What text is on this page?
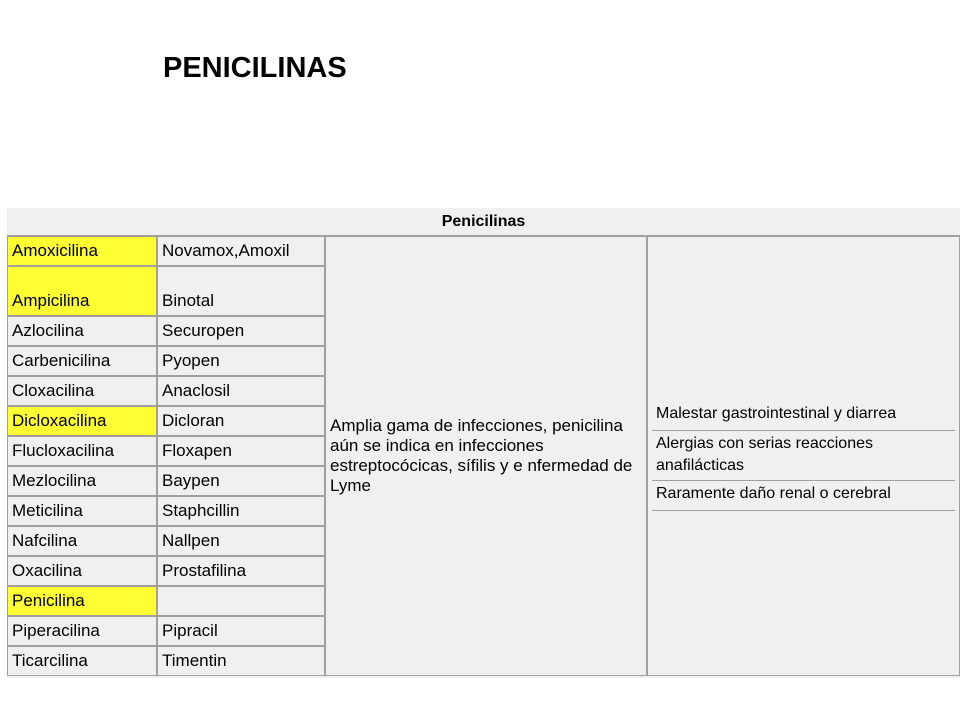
PENICILINAS
Penicilinas			
Amoxicilina	Novamox,Amoxil	Amplia gama de infecciones, penicilina aún se indica en infecciones estreptocócicas, sífilis y e nfermedad de Lyme	Malestar gastrointestinal y diarrea
Alergias con serias reacciones anafilácticas
Raramente daño renal o cerebral

Ampicilina	Binotal		
Azlocilina	Securopen		
Carbenicilina	Pyopen		
Cloxacilina	Anaclosil		
Dicloxacilina	Dicloran		
Flucloxacilina	Floxapen		
Mezlocilina	Baypen		
Meticilina	Staphcillin		
Nafcilina	Nallpen		
Oxacilina	Prostafilina		
Penicilina			
Piperacilina	Pipracil		
Ticarcilina	Timentin		
